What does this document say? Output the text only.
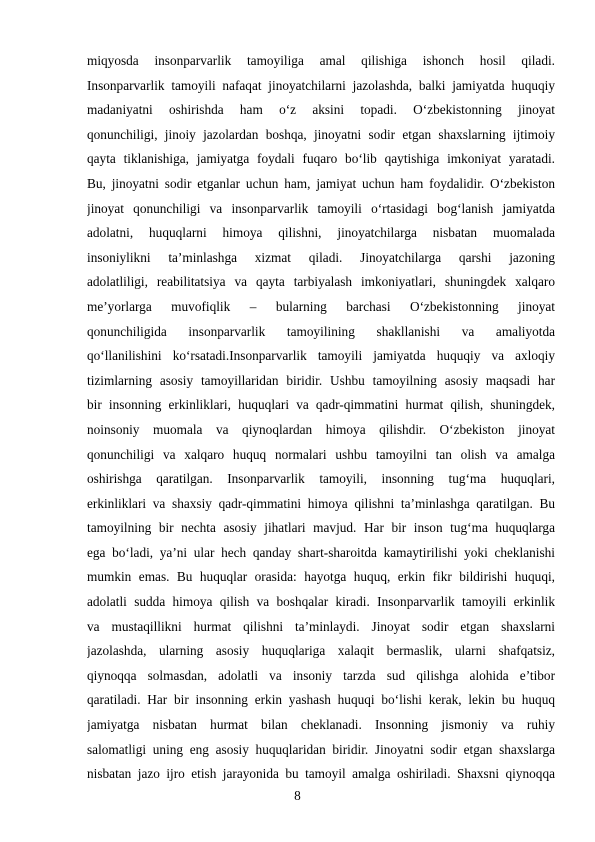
miqyosda insonparvarlik tamoyiliga amal qilishiga ishonch hosil qiladi.
Insonparvarlik tamoyili nafaqat jinoyatchilarni jazolashda, balki jamiyatda huquqiy
madaniyatni oshirishda ham o‘z aksini topadi. O‘zbekistonning jinoyat
qonunchiligi, jinoiy jazolardan boshqa, jinoyatni sodir etgan shaxslarning ijtimoiy
qayta tiklanishiga, jamiyatga foydali fuqaro bo‘lib qaytishiga imkoniyat yaratadi.
Bu, jinoyatni sodir etganlar uchun ham, jamiyat uchun ham foydalidir. O‘zbekiston
jinoyat qonunchiligi va insonparvarlik tamoyili o‘rtasidagi bog‘lanish jamiyatda
adolatni, huquqlarni himoya qilishni, jinoyatchilarga nisbatan muomalada
insoniylikni ta’minlashga xizmat qiladi. Jinoyatchilarga qarshi jazoning
adolatliligi, reabilitatsiya va qayta tarbiyalash imkoniyatlari, shuningdek xalqaro
me’yorlarga muvofiqlik – bularning barchasi O‘zbekistonning jinoyat
qonunchiligida insonparvarlik tamoyilining shakllanishi va amaliyotda
qo‘llanilishini ko‘rsatadi.Insonparvarlik tamoyili jamiyatda huquqiy va axloqiy
tizimlarning asosiy tamoyillaridan biridir. Ushbu tamoyilning asosiy maqsadi har
bir insonning erkinliklari, huquqlari va qadr-qimmatini hurmat qilish, shuningdek,
noinsoniy muomala va qiynoqlardan himoya qilishdir. O‘zbekiston jinoyat
qonunchiligi va xalqaro huquq normalari ushbu tamoyilni tan olish va amalga
oshirishga qaratilgan. Insonparvarlik tamoyili, insonning tug‘ma huquqlari,
erkinliklari va shaxsiy qadr-qimmatini himoya qilishni ta’minlashga qaratilgan. Bu
tamoyilning bir nechta asosiy jihatlari mavjud. Har bir inson tug‘ma huquqlarga
ega bo‘ladi, ya’ni ular hech qanday shart-sharoitda kamaytirilishi yoki cheklanishi
mumkin emas. Bu huquqlar orasida: hayotga huquq, erkin fikr bildirishi huquqi,
adolatli sudda himoya qilish va boshqalar kiradi. Insonparvarlik tamoyili erkinlik
va mustaqillikni hurmat qilishni ta’minlaydi. Jinoyat sodir etgan shaxslarni
jazolashda, ularning asosiy huquqlariga xalaqit bermaslik, ularni shafqatsiz,
qiynoqqa solmasdan, adolatli va insoniy tarzda sud qilishga alohida e’tibor
qaratiladi. Har bir insonning erkin yashash huquqi bo‘lishi kerak, lekin bu huquq
jamiyatga nisbatan hurmat bilan cheklanadi. Insonning jismoniy va ruhiy
salomatligi uning eng asosiy huquqlaridan biridir. Jinoyatni sodir etgan shaxslarga
nisbatan jazo ijro etish jarayonida bu tamoyil amalga oshiriladi. Shaxsni qiynoqqa
8
